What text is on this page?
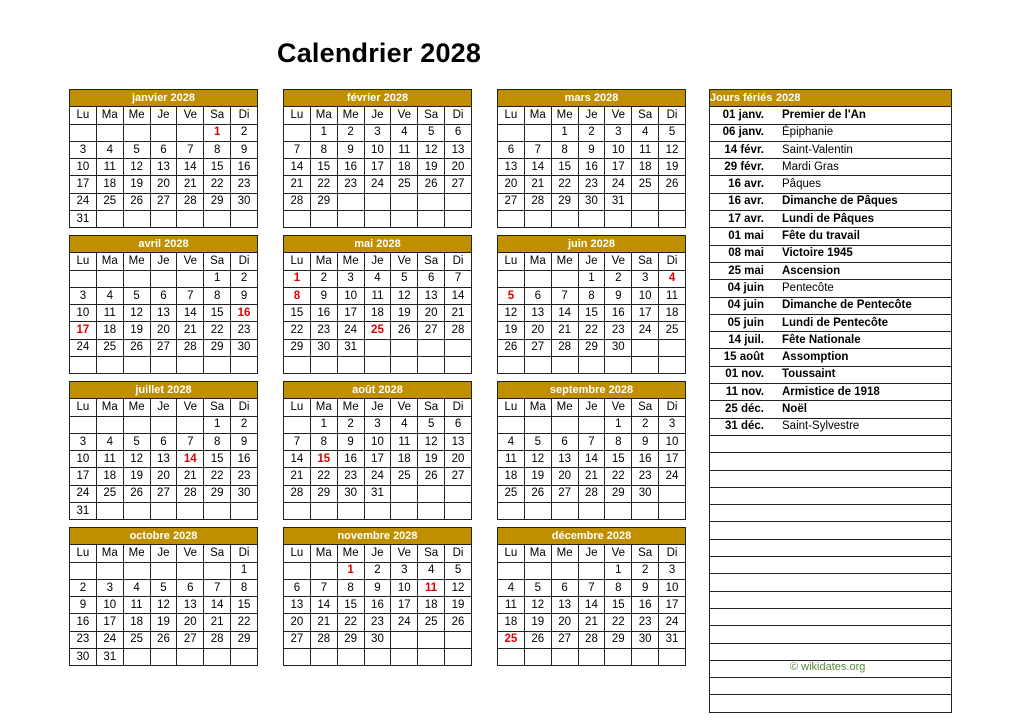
Calendrier 2028
janvier 2028						
Lu	Ma	Me	Je	Ve	Sa	Di
					1	2
3	4	5	6	7	8	9
10	11	12	13	14	15	16
17	18	19	20	21	22	23
24	25	26	27	28	29	30
31						
février 2028						
Lu	Ma	Me	Je	Ve	Sa	Di
	1	2	3	4	5	6
7	8	9	10	11	12	13
14	15	16	17	18	19	20
21	22	23	24	25	26	27
28	29					

mars 2028						
Lu	Ma	Me	Je	Ve	Sa	Di
		1	2	3	4	5
6	7	8	9	10	11	12
13	14	15	16	17	18	19
20	21	22	23	24	25	26
27	28	29	30	31		

avril 2028						
Lu	Ma	Me	Je	Ve	Sa	Di
					1	2
3	4	5	6	7	8	9
10	11	12	13	14	15	16
17	18	19	20	21	22	23
24	25	26	27	28	29	30

mai 2028						
Lu	Ma	Me	Je	Ve	Sa	Di
1	2	3	4	5	6	7
8	9	10	11	12	13	14
15	16	17	18	19	20	21
22	23	24	25	26	27	28
29	30	31				

juin 2028						
Lu	Ma	Me	Je	Ve	Sa	Di
			1	2	3	4
5	6	7	8	9	10	11
12	13	14	15	16	17	18
19	20	21	22	23	24	25
26	27	28	29	30		

juillet 2028						
Lu	Ma	Me	Je	Ve	Sa	Di
					1	2
3	4	5	6	7	8	9
10	11	12	13	14	15	16
17	18	19	20	21	22	23
24	25	26	27	28	29	30
31						
août 2028						
Lu	Ma	Me	Je	Ve	Sa	Di
	1	2	3	4	5	6
7	8	9	10	11	12	13
14	15	16	17	18	19	20
21	22	23	24	25	26	27
28	29	30	31			

septembre 2028						
Lu	Ma	Me	Je	Ve	Sa	Di
				1	2	3
4	5	6	7	8	9	10
11	12	13	14	15	16	17
18	19	20	21	22	23	24
25	26	27	28	29	30	

octobre 2028						
Lu	Ma	Me	Je	Ve	Sa	Di
						1
2	3	4	5	6	7	8
9	10	11	12	13	14	15
16	17	18	19	20	21	22
23	24	25	26	27	28	29
30	31					
novembre 2028						
Lu	Ma	Me	Je	Ve	Sa	Di
		1	2	3	4	5
6	7	8	9	10	11	12
13	14	15	16	17	18	19
20	21	22	23	24	25	26
27	28	29	30			

décembre 2028						
Lu	Ma	Me	Je	Ve	Sa	Di
				1	2	3
4	5	6	7	8	9	10
11	12	13	14	15	16	17
18	19	20	21	22	23	24
25	26	27	28	29	30	31

Jours fériés	2028
01 janv.	Premier de l'An
06 janv.	Épiphanie
14 févr.	Saint-Valentin
29 févr.	Mardi Gras
16 avr.	Pâques
16 avr.	Dimanche de Pâques
17 avr.	Lundi de Pâques
01 mai	Fête du travail
08 mai	Victoire 1945
25 mai	Ascension
04 juin	Pentecôte
04 juin	Dimanche de Pentecôte
05 juin	Lundi de Pentecôte
14 juil.	Fête Nationale
15 août	Assomption
01 nov.	Toussaint
11 nov.	Armistice de 1918
25 déc.	Noël
31 déc.	Saint-Sylvestre

© wikidates.org
